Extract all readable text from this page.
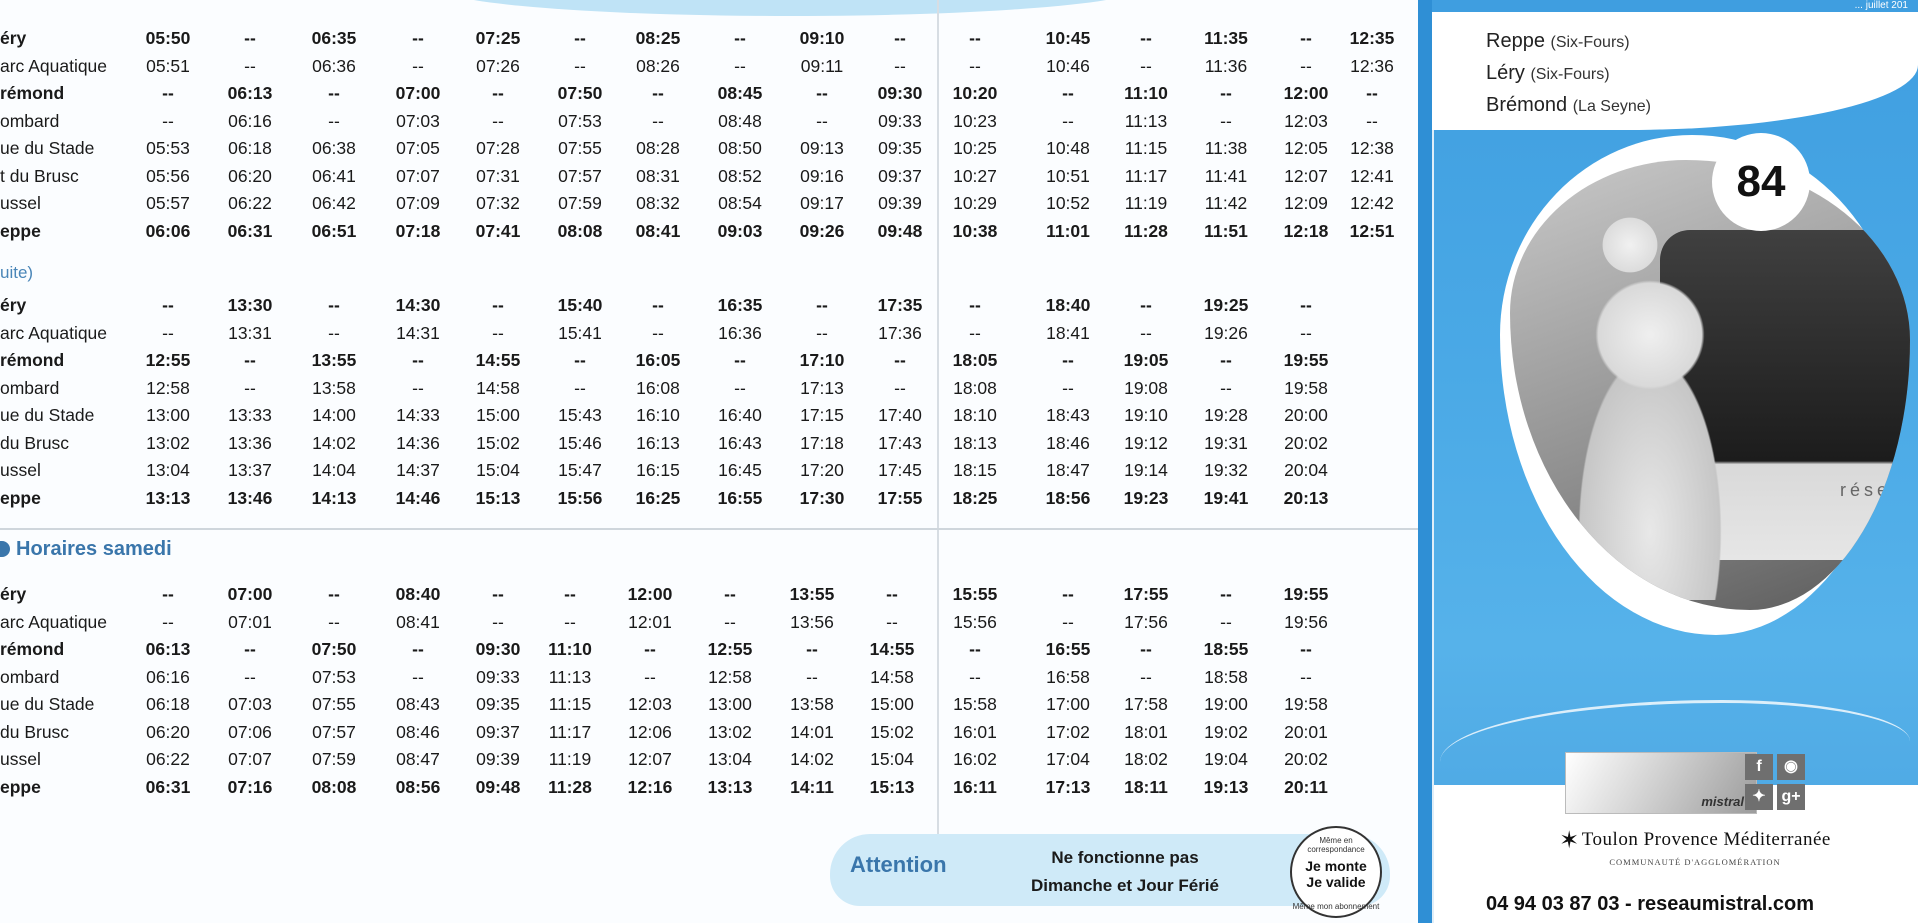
éry	05:50	--	06:35	--	07:25	--	08:25	--	09:10	--	--	10:45	--	11:35	--	12:35
arc Aquatique	05:51	--	06:36	--	07:26	--	08:26	--	09:11	--	--	10:46	--	11:36	--	12:36
rémond	--	06:13	--	07:00	--	07:50	--	08:45	--	09:30	10:20	--	11:10	--	12:00	--
ombard	--	06:16	--	07:03	--	07:53	--	08:48	--	09:33	10:23	--	11:13	--	12:03	--
ue du Stade	05:53	06:18	06:38	07:05	07:28	07:55	08:28	08:50	09:13	09:35	10:25	10:48	11:15	11:38	12:05	12:38
t du Brusc	05:56	06:20	06:41	07:07	07:31	07:57	08:31	08:52	09:16	09:37	10:27	10:51	11:17	11:41	12:07	12:41
ussel	05:57	06:22	06:42	07:09	07:32	07:59	08:32	08:54	09:17	09:39	10:29	10:52	11:19	11:42	12:09	12:42
eppe	06:06	06:31	06:51	07:18	07:41	08:08	08:41	09:03	09:26	09:48	10:38	11:01	11:28	11:51	12:18	12:51
uite)
éry	--	13:30	--	14:30	--	15:40	--	16:35	--	17:35	--	18:40	--	19:25	--
arc Aquatique	--	13:31	--	14:31	--	15:41	--	16:36	--	17:36	--	18:41	--	19:26	--
rémond	12:55	--	13:55	--	14:55	--	16:05	--	17:10	--	18:05	--	19:05	--	19:55
ombard	12:58	--	13:58	--	14:58	--	16:08	--	17:13	--	18:08	--	19:08	--	19:58
ue du Stade	13:00	13:33	14:00	14:33	15:00	15:43	16:10	16:40	17:15	17:40	18:10	18:43	19:10	19:28	20:00
du Brusc	13:02	13:36	14:02	14:36	15:02	15:46	16:13	16:43	17:18	17:43	18:13	18:46	19:12	19:31	20:02
ussel	13:04	13:37	14:04	14:37	15:04	15:47	16:15	16:45	17:20	17:45	18:15	18:47	19:14	19:32	20:04
eppe	13:13	13:46	14:13	14:46	15:13	15:56	16:25	16:55	17:30	17:55	18:25	18:56	19:23	19:41	20:13
Horaires samedi
éry	--	07:00	--	08:40	--	--	12:00	--	13:55	--	15:55	--	17:55	--	19:55
arc Aquatique	--	07:01	--	08:41	--	--	12:01	--	13:56	--	15:56	--	17:56	--	19:56
rémond	06:13	--	07:50	--	09:30	11:10	--	12:55	--	14:55	--	16:55	--	18:55	--
ombard	06:16	--	07:53	--	09:33	11:13	--	12:58	--	14:58	--	16:58	--	18:58	--
ue du Stade	06:18	07:03	07:55	08:43	09:35	11:15	12:03	13:00	13:58	15:00	15:58	17:00	17:58	19:00	19:58
du Brusc	06:20	07:06	07:57	08:46	09:37	11:17	12:06	13:02	14:01	15:02	16:01	17:02	18:01	19:02	20:01
ussel	06:22	07:07	07:59	08:47	09:39	11:19	12:07	13:04	14:02	15:04	16:02	17:04	18:02	19:04	20:02
eppe	06:31	07:16	08:08	08:56	09:48	11:28	12:16	13:13	14:11	15:13	16:11	17:13	18:11	19:13	20:11
Attention	Ne fonctionne pas
Dimanche et Jour Férié
Même en correspondance
Je monte
Je valide
Même mon abonnement
... juillet 201
Reppe (Six-Fours)
Léry (Six-Fours)
Brémond (La Seyne)
rése
84
mistral
f	◉
✦ g+
✶ Toulon Provence Méditerranée
COMMUNAUTÉ D'AGGLOMÉRATION
04 94 03 87 03 - reseaumistral.com
